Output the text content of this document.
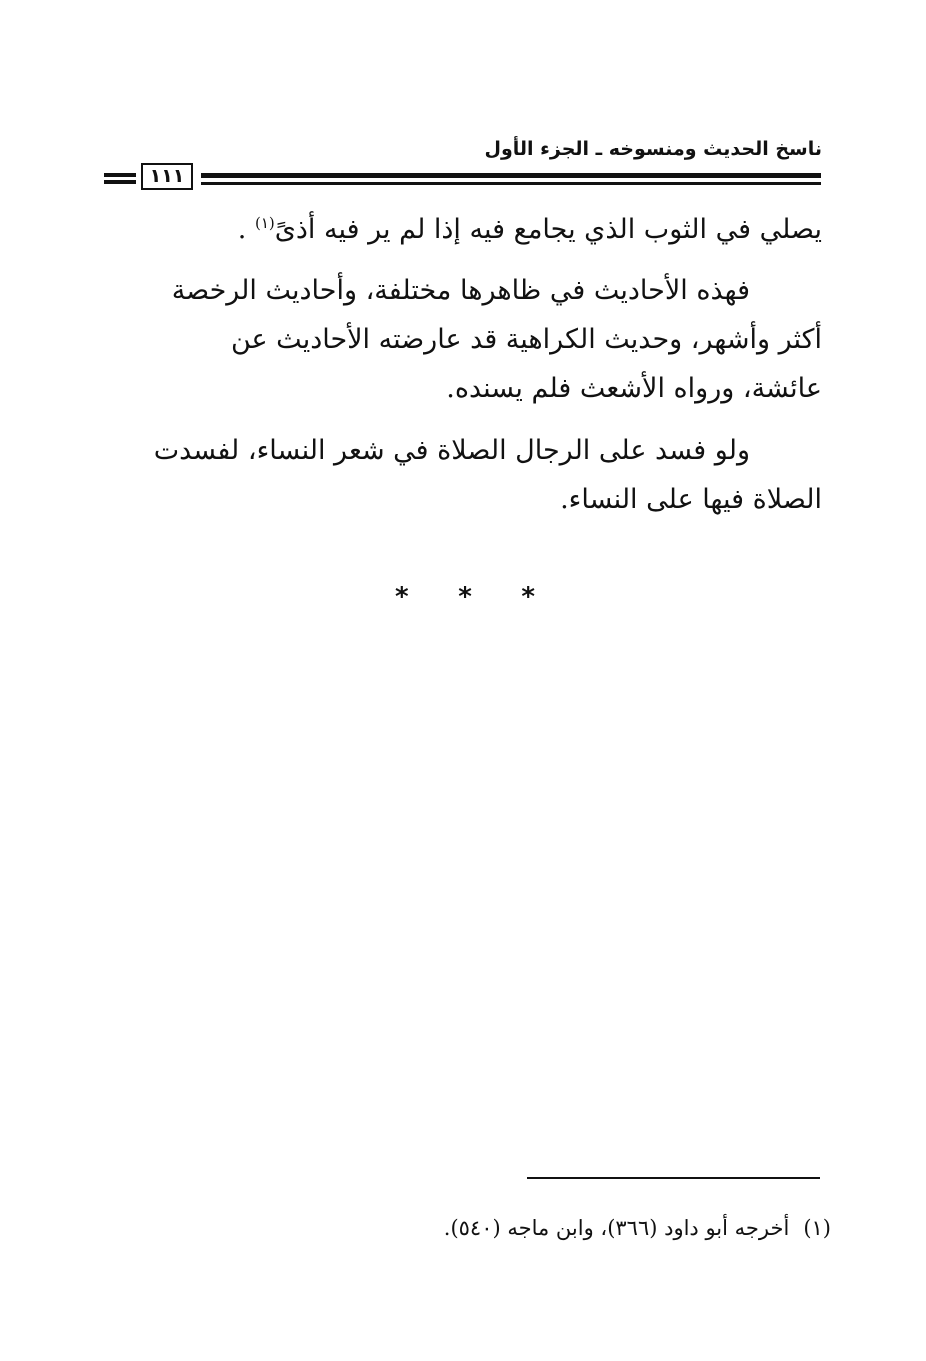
ناسخ الحديث ومنسوخه ـ الجزء الأول
١١١
يصلي في الثوب الذي يجامع فيه إذا لم ير فيه أذىً$^{(١)}$ .
فهذه الأحاديث في ظاهرها مختلفة، وأحاديث الرخصة
أكثر وأشهر، وحديث الكراهية قد عارضته الأحاديث عن
عائشة، ورواه الأشعث فلم يسنده.
ولو فسد على الرجال الصلاة في شعر النساء، لفسدت
الصلاة فيها على النساء.
* * *
(١)أخرجه أبو داود (٣٦٦)، وابن ماجه (٥٤٠).
